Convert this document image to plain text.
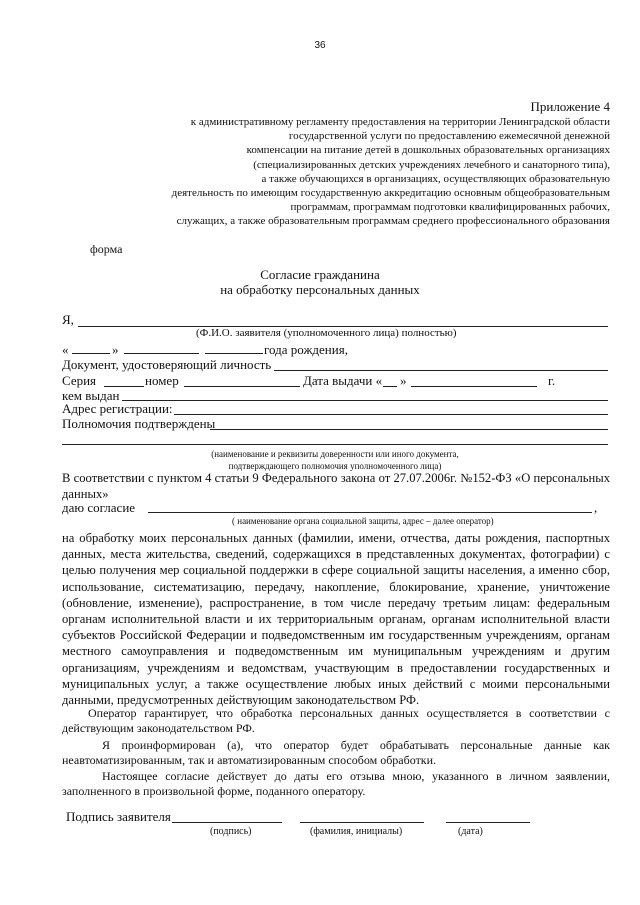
36
Приложение 4
к административному регламенту предоставления на территории Ленинградской области
государственной услуги по предоставлению ежемесячной денежной
компенсации на питание детей в дошкольных образовательных организациях
(специализированных детских учреждениях лечебного и санаторного типа),
а также обучающихся в организациях, осуществляющих образовательную
деятельность по имеющим государственную аккредитацию основным общеобразовательным
программам, программам подготовки квалифицированных рабочих,
служащих, а также образовательным программам среднего профессионального образования
форма
Согласие гражданина
на обработку персональных данных
Я,
(Ф.И.О. заявителя (уполномоченного лица) полностью)
«	»	года рождения,
Документ, удостоверяющий личность
Серия	номер	Дата выдачи « »	г.
кем выдан
Адрес регистрации:
Полномочия подтверждены
(наименование и реквизиты доверенности или иного документа,
подтверждающего полномочия уполномоченного лица)
В соответствии с пунктом 4 статьи 9 Федерального закона от 27.07.2006г. №152-ФЗ «О персональных данных»
даю согласие	,
( наименование органа социальной защиты, адрес – далее оператор)
на обработку моих персональных данных (фамилии, имени, отчества, даты рождения, паспортных данных, места жительства, сведений, содержащихся в представленных документах, фотографии) с целью получения мер социальной поддержки в сфере социальной защиты населения, а именно сбор, использование, систематизацию, передачу, накопление, блокирование, хранение, уничтожение (обновление, изменение), распространение, в том числе передачу третьим лицам: федеральным органам исполнительной власти и их территориальным органам, органам исполнительной власти субъектов Российской Федерации и подведомственным им государственным учреждениям, органам местного самоуправления и подведомственным им муниципальным учреждениям и другим организациям, учреждениям и ведомствам, участвующим в предоставлении государственных и муниципальных услуг, а также осуществление любых иных действий с моими персональными данными, предусмотренных действующим законодательством РФ.
Оператор гарантирует, что обработка персональных данных осуществляется в соответствии с действующим законодательством РФ.
Я проинформирован (а), что оператор будет обрабатывать персональные данные как неавтоматизированным, так и автоматизированным способом обработки.
Настоящее согласие действует до даты его отзыва мною, указанного в личном заявлении, заполненного в произвольной форме, поданного оператору.
Подпись заявителя
(подпись)	(фамилия, инициалы)	(дата)
